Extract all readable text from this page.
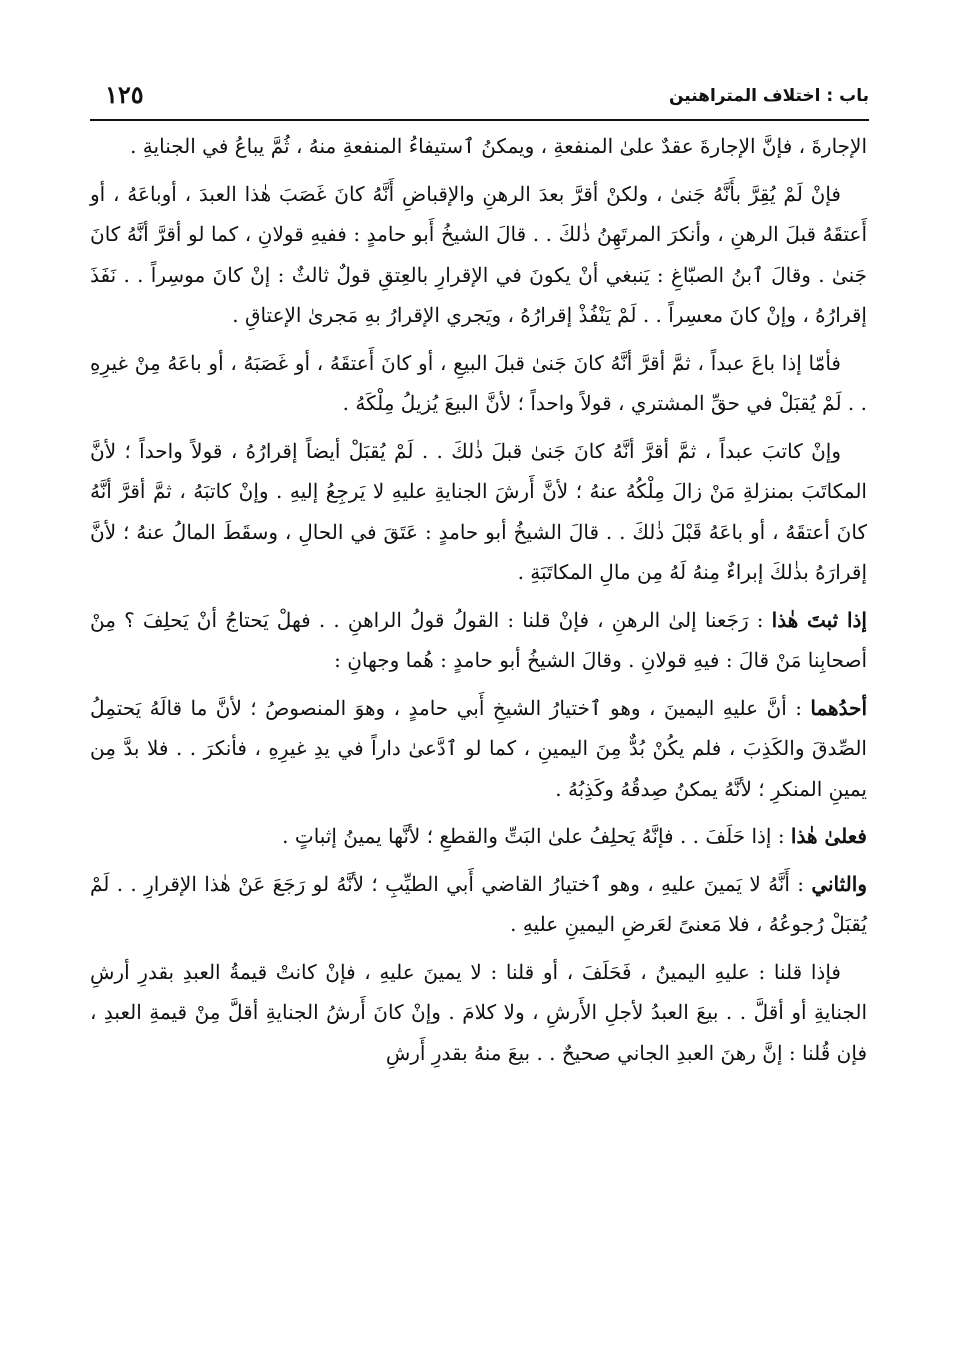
باب : اختلاف المتراهنين
١٢٥

الإجارةَ ، فإنَّ الإجارةَ عقدٌ علىٰ المنفعةِ ، ويمكنُ ٱستيفاءُ المنفعةِ منهُ ، ثُمَّ يباعُ في الجنايةِ .

فإنْ لَمْ يُقِرَّ بأَنَّهُ جَنىٰ ، ولكنْ أقرَّ بعدَ الرهنِ والإقباضِ أَنَّهُ كانَ غَصَبَ هٰذا العبدَ ، أوباعَهُ ، أو أَعتقَهُ قبلَ الرهنِ ، وأنكرَ المرتَهِنُ ذٰلكَ . . قالَ الشيخُ أَبو حامدٍ : ففيهِ قولانِ ، كما لو أقرَّ أنَّهُ كانَ جَنىٰ . وقالَ ٱبنُ الصبّاغِ : يَنبغي أنْ يكونَ في الإقرارِ بالعِتقِ قولٌ ثالثٌ : إنْ كانَ موسِراً . . نَفَذَ إقرارُهُ ، وإنْ كانَ معسِراً . . لَمْ يَنْفُذْ إقرارُهُ ، ويَجري الإقرارُ بهِ مَجرىٰ الإعتاقِ .

فأمّا إذا باعَ عبداً ، ثمَّ أقرَّ أنَّهُ كانَ جَنىٰ قبلَ البيعِ ، أو كانَ أَعتقَهُ ، أو غَصَبَهُ ، أو باعَهُ مِنْ غيرِهِ . . لَمْ يُقبَلْ في حقِّ المشتري ، قولاً واحداً ؛ لأنَّ البيعَ يُزيلُ مِلْكَهُ .

وإنْ كاتبَ عبداً ، ثمَّ أقرَّ أنَّهُ كانَ جَنىٰ قبلَ ذٰلكَ . . لَمْ يُقبَلْ أيضاً إقرارُهُ ، قولاً واحداً ؛ لأنَّ المكاتَبَ بمنزلةِ مَنْ زالَ مِلْكُهُ عنهُ ؛ لأنَّ أَرشَ الجنايةِ عليهِ لا يَرجِعُ إليهِ . وإنْ كاتبَهُ ، ثمَّ أقرَّ أنَّهُ كانَ أعتقَهُ ، أو باعَهُ قَبْلَ ذٰلكَ . . قالَ الشيخُ أبو حامدٍ : عَتَقَ في الحالِ ، وسقَطَ المالُ عنهُ ؛ لأنَّ إقرارَهُ بذٰلكَ إبراءٌ مِنهُ لَهُ مِن مالِ المكاتَبَةِ .

إذا ثبتَ هٰذا : رَجَعنا إلىٰ الرهنِ ، فإنْ قلنا : القولُ قولُ الراهنِ . . فهلْ يَحتاجُ أنْ يَحلِفَ ؟ مِنْ أصحابِنا مَنْ قالَ : فيهِ قولانِ . وقالَ الشيخُ أبو حامدٍ : هُما وجهانِ :

أحدُهما : أنَّ عليهِ اليمينَ ، وهو ٱختيارُ الشيخِ أَبي حامدٍ ، وهوَ المنصوصُ ؛ لأنَّ ما قالَهُ يَحتمِلُ الصِّدقَ والكَذِبَ ، فلم يكُنْ بُدٌّ مِنَ اليمينِ ، كما لو ٱدَّعىٰ داراً في يدِ غيرِهِ ، فأنكرَ . . فلا بدَّ مِن يمينِ المنكرِ ؛ لأنَّهُ يمكنُ صِدقُهُ وكَذِبُهُ .

فعلىٰ هٰذا : إذا حَلَفَ . . فإنَّهُ يَحلِفُ علىٰ البَتِّ والقطعِ ؛ لأنَّها يمينُ إثباتٍ .

والثاني : أَنَّهُ لا يَمينَ عليهِ ، وهو ٱختيارُ القاضي أَبي الطيِّبِ ؛ لأنَّهُ لو رَجَعَ عَنْ هٰذا الإقرارِ . . لَمْ يُقبَلْ رُجوعُهُ ، فلا مَعنىً لعَرضِ اليمينِ عليهِ .

فإذا قلنا : عليهِ اليمينُ ، فَحَلَفَ ، أو قلنا : لا يمينَ عليهِ ، فإنْ كانتْ قيمةُ العبدِ بقدرِ أرشِ الجنايةِ أو أقلَّ . . بيعَ العبدُ لأجلِ الأَرشِ ، ولا كلامَ . وإنْ كانَ أَرشُ الجنايةِ أقلَّ مِنْ قيمةِ العبدِ ، فإن قُلنا : إنَّ رهنَ العبدِ الجاني صحيحٌ . . بيعَ منهُ بقدرِ أَرشِ
